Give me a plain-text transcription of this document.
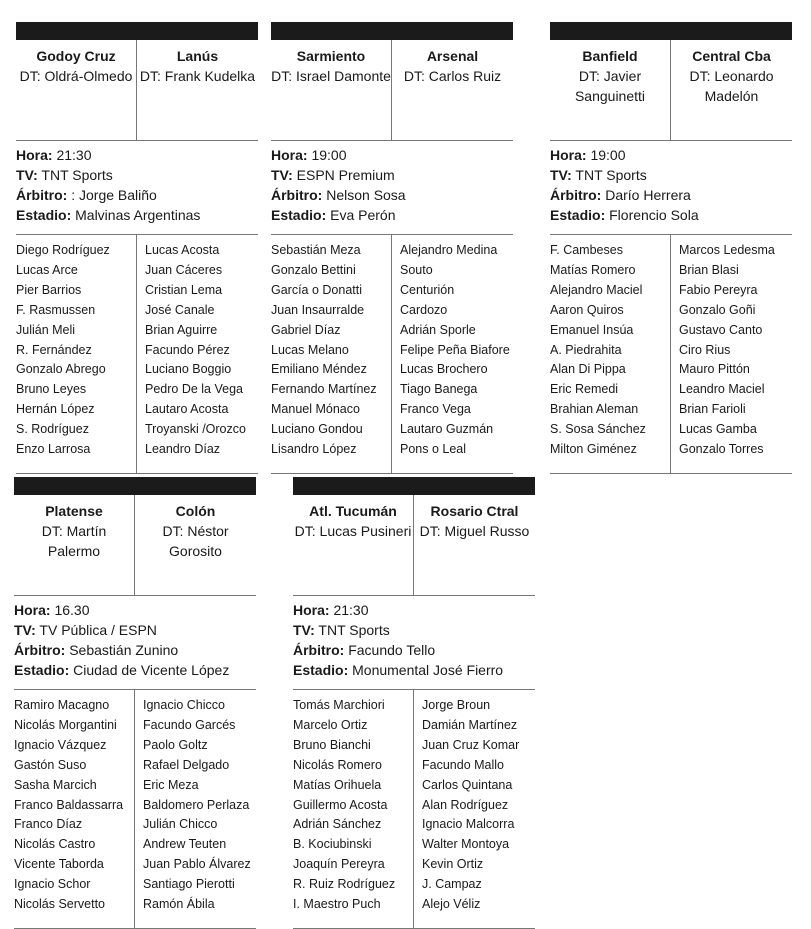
Godoy Cruz
DT: Oldrá-Olmedo
Lanús
DT: Frank Kudelka
Hora: 21:30
TV: TNT Sports
Árbitro: : Jorge Baliño
Estadio: Malvinas Argentinas
Diego Rodríguez
Lucas Arce
Pier Barrios
F. Rasmussen
Julián Meli
R. Fernández
Gonzalo Abrego
Bruno Leyes
Hernán López
S. Rodríguez
Enzo Larrosa
Lucas Acosta
Juan Cáceres
Cristian Lema
José Canale
Brian Aguirre
Facundo Pérez
Luciano Boggio
Pedro De la Vega
Lautaro Acosta
Troyanski /Orozco
Leandro Díaz
Sarmiento
DT: Israel Damonte
Arsenal
DT: Carlos Ruiz
Hora: 19:00
TV: ESPN Premium
Árbitro: Nelson Sosa
Estadio: Eva Perón
Sebastián Meza
Gonzalo Bettini
García o Donatti
Juan Insaurralde
Gabriel Díaz
Lucas Melano
Emiliano Méndez
Fernando Martínez
Manuel Mónaco
Luciano Gondou
Lisandro López
Alejandro Medina
Souto
Centurión
Cardozo
Adrián Sporle
Felipe Peña Biafore
Lucas Brochero
Tiago Banega
Franco Vega
Lautaro Guzmán
Pons o Leal
Banfield
DT: Javier Sanguinetti
Central Cba
DT: Leonardo Madelón
Hora: 19:00
TV: TNT Sports
Árbitro: Darío Herrera
Estadio: Florencio Sola
F. Cambeses
Matías Romero
Alejandro Maciel
Aaron Quiros
Emanuel Insúa
A. Piedrahita
Alan Di Pippa
Eric Remedi
Brahian Aleman
S. Sosa Sánchez
Milton Giménez
Marcos Ledesma
Brian Blasi
Fabio Pereyra
Gonzalo Goñi
Gustavo Canto
Ciro Rius
Mauro Pittón
Leandro Maciel
Brian Farioli
Lucas Gamba
Gonzalo Torres
Platense
DT: Martín Palermo
Colón
DT: Néstor Gorosito
Hora: 16.30
TV: TV Pública / ESPN
Árbitro: Sebastián Zunino
Estadio: Ciudad de Vicente López
Ramiro Macagno
Nicolás Morgantini
Ignacio Vázquez
Gastón Suso
Sasha Marcich
Franco Baldassarra
Franco Díaz
Nicolás Castro
Vicente Taborda
Ignacio Schor
Nicolás Servetto
Ignacio Chicco
Facundo Garcés
Paolo Goltz
Rafael Delgado
Eric Meza
Baldomero Perlaza
Julián Chicco
Andrew Teuten
Juan Pablo Álvarez
Santiago Pierotti
Ramón Ábila
Atl. Tucumán
DT: Lucas Pusineri
Rosario Ctral
DT: Miguel Russo
Hora: 21:30
TV: TNT Sports
Árbitro: Facundo Tello
Estadio: Monumental José Fierro
Tomás Marchiori
Marcelo Ortiz
Bruno Bianchi
Nicolás Romero
Matías Orihuela
Guillermo Acosta
Adrián Sánchez
B. Kociubinski
Joaquín Pereyra
R. Ruiz Rodríguez
I. Maestro Puch
Jorge Broun
Damián Martínez
Juan Cruz Komar
Facundo Mallo
Carlos Quintana
Alan Rodríguez
Ignacio Malcorra
Walter Montoya
Kevin Ortiz
J. Campaz
Alejo Véliz
